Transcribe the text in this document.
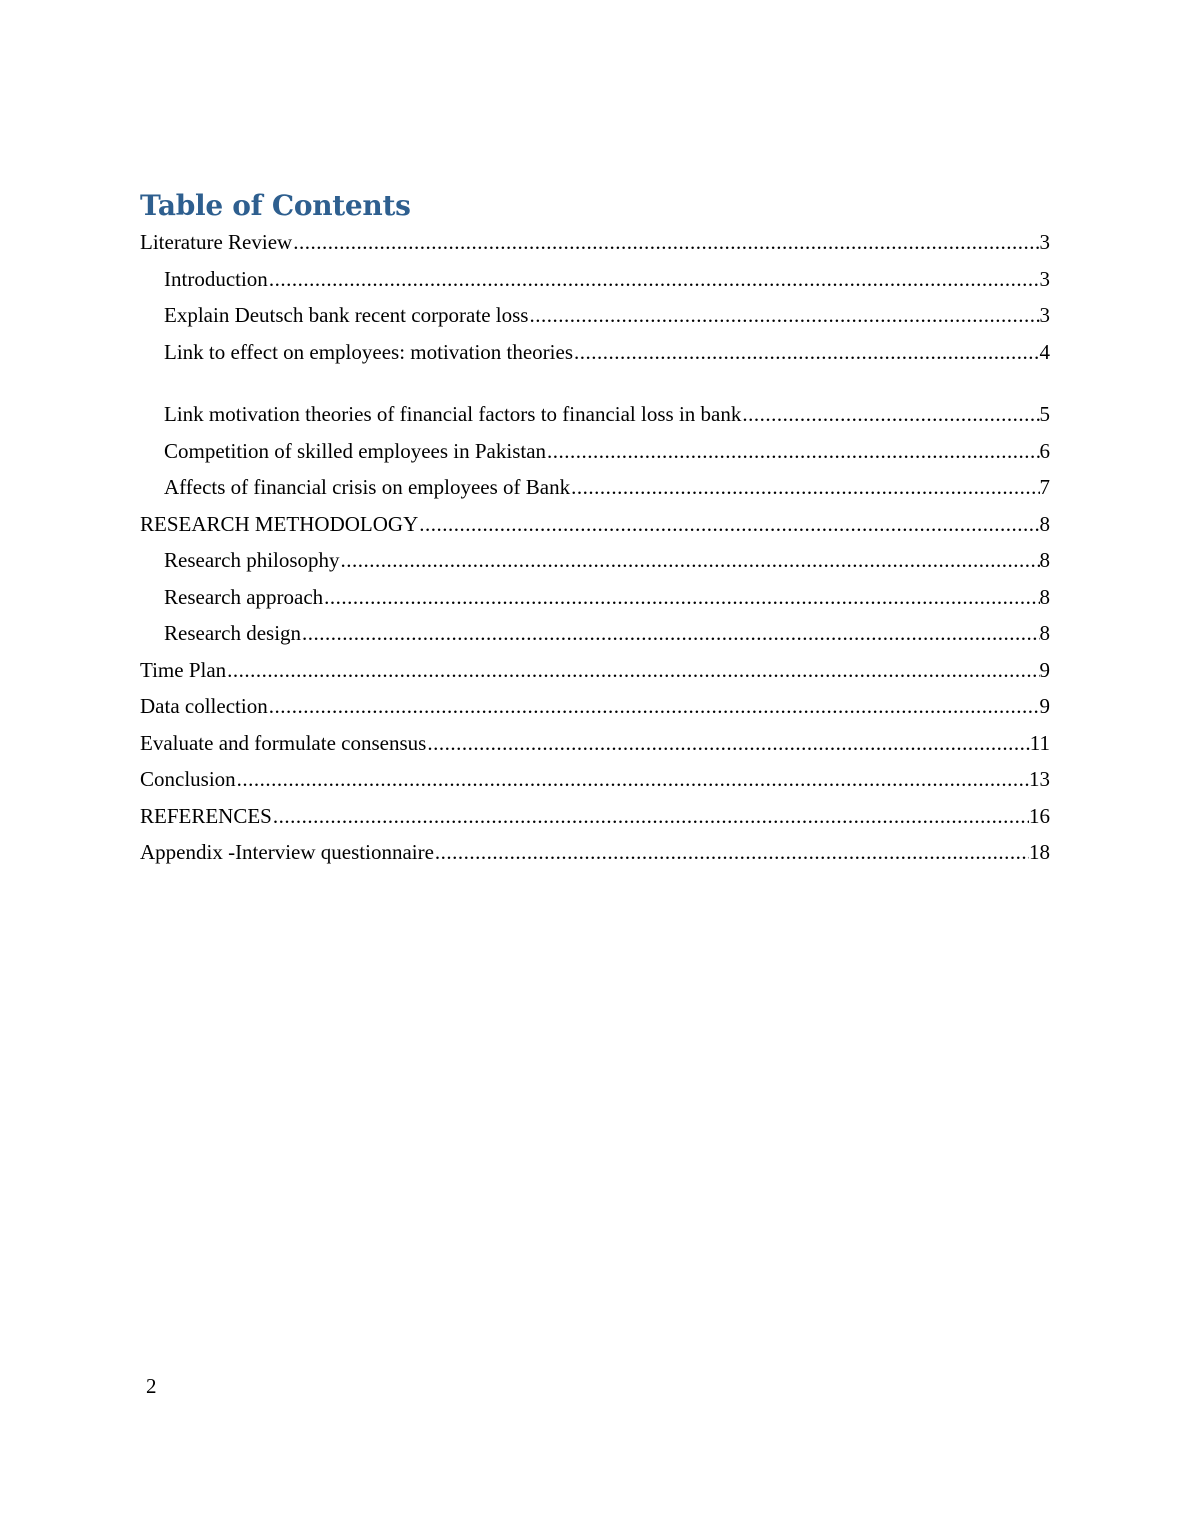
Table of Contents
Literature Review .....	3
Introduction .....	3
Explain Deutsch bank recent corporate loss .....	3
Link to effect on employees: motivation theories .....	4
Link motivation theories of financial factors to financial loss in bank .....	5
Competition of skilled employees in Pakistan .....	6
Affects of financial crisis on employees of Bank .....	7
RESEARCH METHODOLOGY .....	8
Research philosophy .....	8
Research approach .....	8
Research design .....	8
Time Plan .....	9
Data collection .....	9
Evaluate and formulate consensus .....	11
Conclusion .....	13
REFERENCES .....	16
Appendix -Interview questionnaire .....	18
2
